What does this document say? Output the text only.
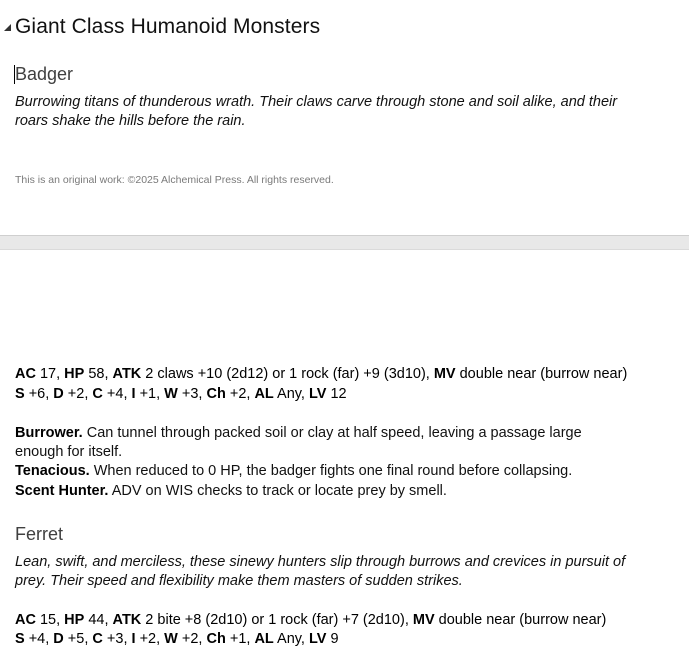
Giant Class Humanoid Monsters
Badger
Burrowing titans of thunderous wrath. Their claws carve through stone and soil alike, and their roars shake the hills before the rain.
This is an original work: ©2025 Alchemical Press. All rights reserved.
AC 17, HP 58, ATK 2 claws +10 (2d12) or 1 rock (far) +9 (3d10), MV double near (burrow near)
S +6, D +2, C +4, I +1, W +3, Ch +2, AL Any, LV 12
Burrower. Can tunnel through packed soil or clay at half speed, leaving a passage large enough for itself.
Tenacious. When reduced to 0 HP, the badger fights one final round before collapsing.
Scent Hunter. ADV on WIS checks to track or locate prey by smell.
Ferret
Lean, swift, and merciless, these sinewy hunters slip through burrows and crevices in pursuit of prey. Their speed and flexibility make them masters of sudden strikes.
AC 15, HP 44, ATK 2 bite +8 (2d10) or 1 rock (far) +7 (2d10), MV double near (burrow near)
S +4, D +5, C +3, I +2, W +2, Ch +1, AL Any, LV 9
